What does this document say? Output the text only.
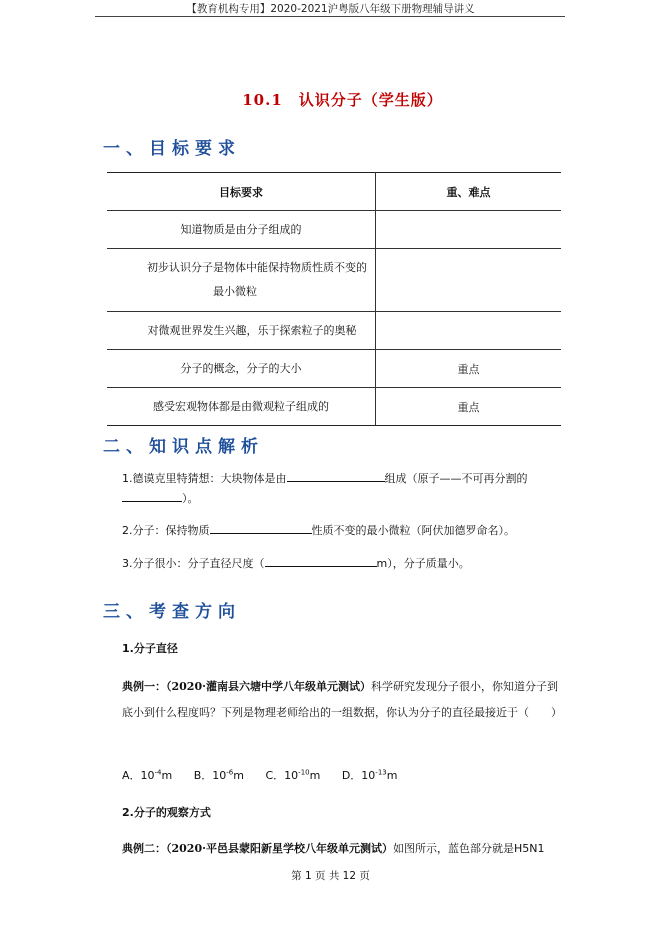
【教育机构专用】2020-2021沪粤版八年级下册物理辅导讲义
10.1　认识分子（学生版）
一、目标要求
目标要求	重、难点

知道物质是由分子组成的	

初步认识分子是物体中能保持物质性质不变的
最小微粒	

对微观世界发生兴趣，乐于探索粒子的奥秘	

分子的概念，分子的大小	重点

感受宏观物体都是由微观粒子组成的	重点
二、知识点解析
1.德谟克里特猜想：大块物体是由	组成（原子——不可再分割的
）。
2.分子：保持物质	性质不变的最小微粒（阿伏加德罗命名）。
3.分子很小：分子直径尺度（	m），分子质量小。
三、考查方向
1.分子直径
典例一：（2020·灌南县六塘中学八年级单元测试）科学研究发现分子很小，你知道分子到底小到什么程度吗？下列是物理老师给出的一组数据，你认为分子的直径最接近于（　　）
A．$10^{-4}m$ B．$10^{-6}m$ C．$10^{-10}m$ D．$10^{-13}m$
2.分子的观察方式
典例二：（2020·平邑县蒙阳新星学校八年级单元测试）如图所示，蓝色部分就是H5N1
第 1 页 共 12 页
